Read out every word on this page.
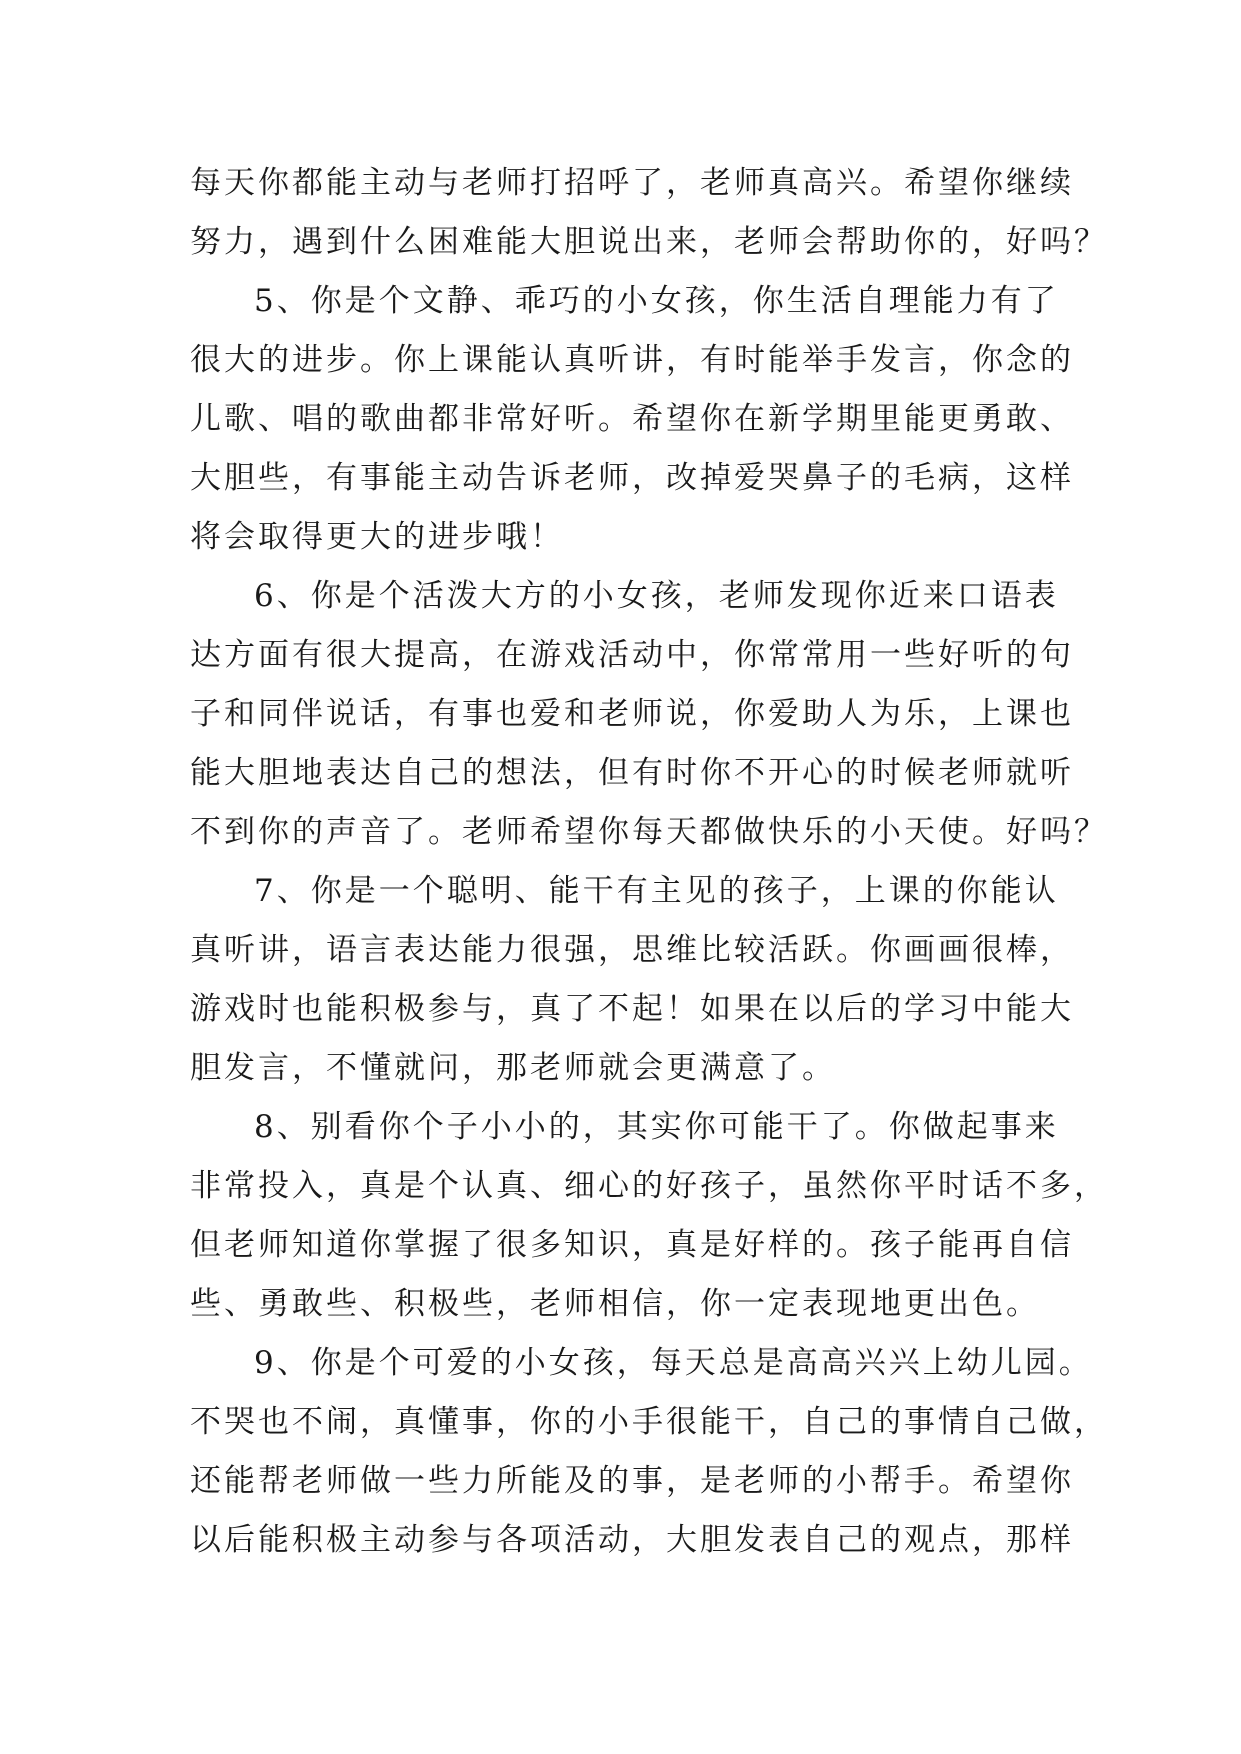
每天你都能主动与老师打招呼了，老师真高兴。希望你继续
努力，遇到什么困难能大胆说出来，老师会帮助你的，好吗？
5、你是个文静、乖巧的小女孩，你生活自理能力有了
很大的进步。你上课能认真听讲，有时能举手发言，你念的
儿歌、唱的歌曲都非常好听。希望你在新学期里能更勇敢、
大胆些，有事能主动告诉老师，改掉爱哭鼻子的毛病，这样
将会取得更大的进步哦！
6、你是个活泼大方的小女孩，老师发现你近来口语表
达方面有很大提高，在游戏活动中，你常常用一些好听的句
子和同伴说话，有事也爱和老师说，你爱助人为乐，上课也
能大胆地表达自己的想法，但有时你不开心的时候老师就听
不到你的声音了。老师希望你每天都做快乐的小天使。好吗？
7、你是一个聪明、能干有主见的孩子，上课的你能认
真听讲，语言表达能力很强，思维比较活跃。你画画很棒，
游戏时也能积极参与，真了不起！如果在以后的学习中能大
胆发言，不懂就问，那老师就会更满意了。
8、别看你个子小小的，其实你可能干了。你做起事来
非常投入，真是个认真、细心的好孩子，虽然你平时话不多，
但老师知道你掌握了很多知识，真是好样的。孩子能再自信
些、勇敢些、积极些，老师相信，你一定表现地更出色。
9、你是个可爱的小女孩，每天总是高高兴兴上幼儿园。
不哭也不闹，真懂事，你的小手很能干，自己的事情自己做，
还能帮老师做一些力所能及的事，是老师的小帮手。希望你
以后能积极主动参与各项活动，大胆发表自己的观点，那样
